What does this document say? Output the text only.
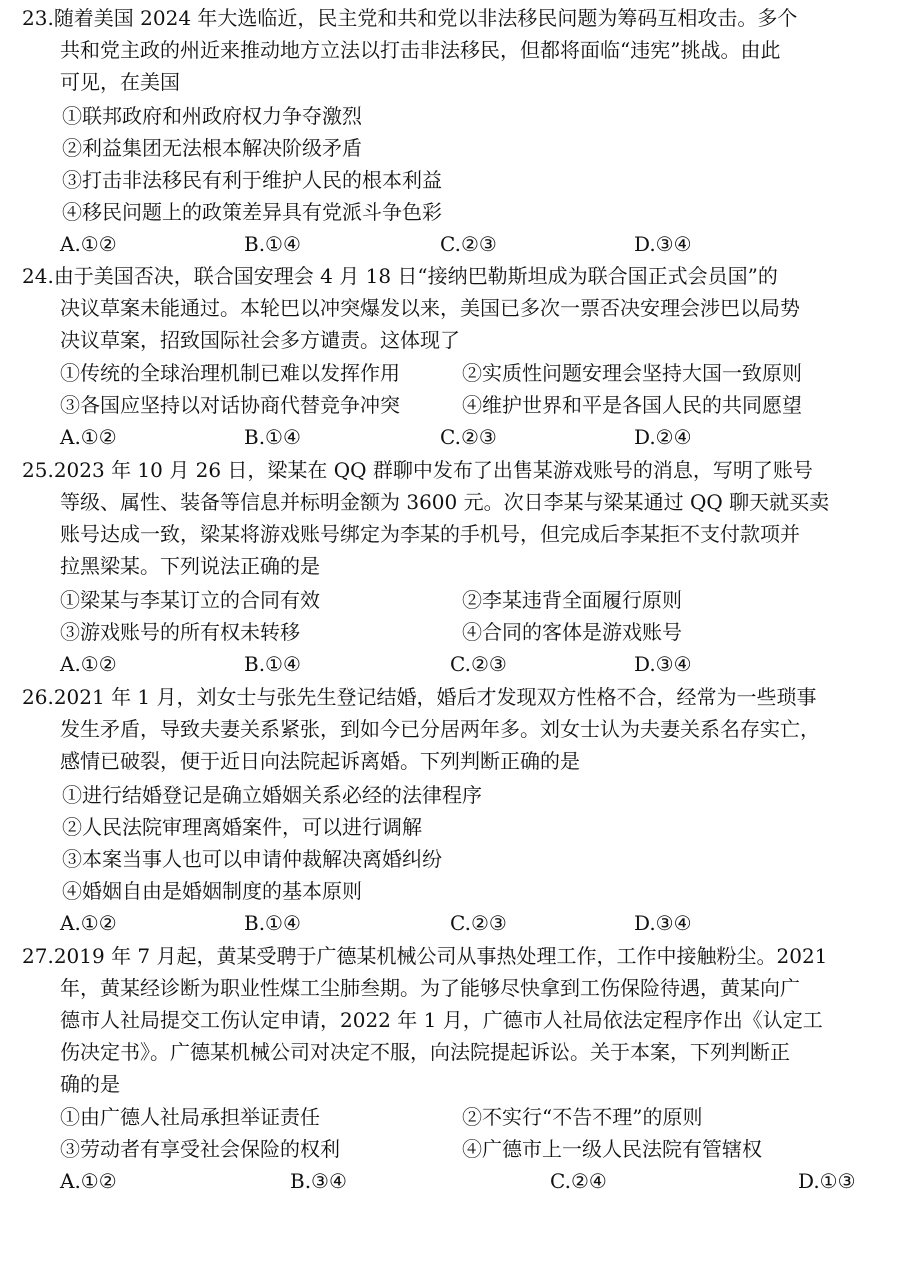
23.随着美国 2024 年大选临近，民主党和共和党以非法移民问题为筹码互相攻击。多个
共和党主政的州近来推动地方立法以打击非法移民，但都将面临“违宪”挑战。由此
可见，在美国
①联邦政府和州政府权力争夺激烈
②利益集团无法根本解决阶级矛盾
③打击非法移民有利于维护人民的根本利益
④移民问题上的政策差异具有党派斗争色彩
A.①②	B.①④	C.②③	D.③④
24.由于美国否决，联合国安理会 4 月 18 日“接纳巴勒斯坦成为联合国正式会员国”的
决议草案未能通过。本轮巴以冲突爆发以来，美国已多次一票否决安理会涉巴以局势
决议草案，招致国际社会多方谴责。这体现了
①传统的全球治理机制已难以发挥作用	②实质性问题安理会坚持大国一致原则
③各国应坚持以对话协商代替竞争冲突	④维护世界和平是各国人民的共同愿望
A.①②	B.①④	C.②③	D.②④
25.2023 年 10 月 26 日，梁某在 QQ 群聊中发布了出售某游戏账号的消息，写明了账号
等级、属性、装备等信息并标明金额为 3600 元。次日李某与梁某通过 QQ 聊天就买卖
账号达成一致，梁某将游戏账号绑定为李某的手机号，但完成后李某拒不支付款项并
拉黑梁某。下列说法正确的是
①梁某与李某订立的合同有效	②李某违背全面履行原则
③游戏账号的所有权未转移	④合同的客体是游戏账号
A.①②	B.①④	C.②③	D.③④
26.2021 年 1 月，刘女士与张先生登记结婚，婚后才发现双方性格不合，经常为一些琐事
发生矛盾，导致夫妻关系紧张，到如今已分居两年多。刘女士认为夫妻关系名存实亡，
感情已破裂，便于近日向法院起诉离婚。下列判断正确的是
①进行结婚登记是确立婚姻关系必经的法律程序
②人民法院审理离婚案件，可以进行调解
③本案当事人也可以申请仲裁解决离婚纠纷
④婚姻自由是婚姻制度的基本原则
A.①②	B.①④	C.②③	D.③④
27.2019 年 7 月起，黄某受聘于广德某机械公司从事热处理工作，工作中接触粉尘。2021
年，黄某经诊断为职业性煤工尘肺叁期。为了能够尽快拿到工伤保险待遇，黄某向广
德市人社局提交工伤认定申请，2022 年 1 月，广德市人社局依法定程序作出《认定工
伤决定书》。广德某机械公司对决定不服，向法院提起诉讼。关于本案，下列判断正
确的是
①由广德人社局承担举证责任	②不实行“不告不理”的原则
③劳动者有享受社会保险的权利	④广德市上一级人民法院有管辖权
A.①②	B.③④	C.②④	D.①③
